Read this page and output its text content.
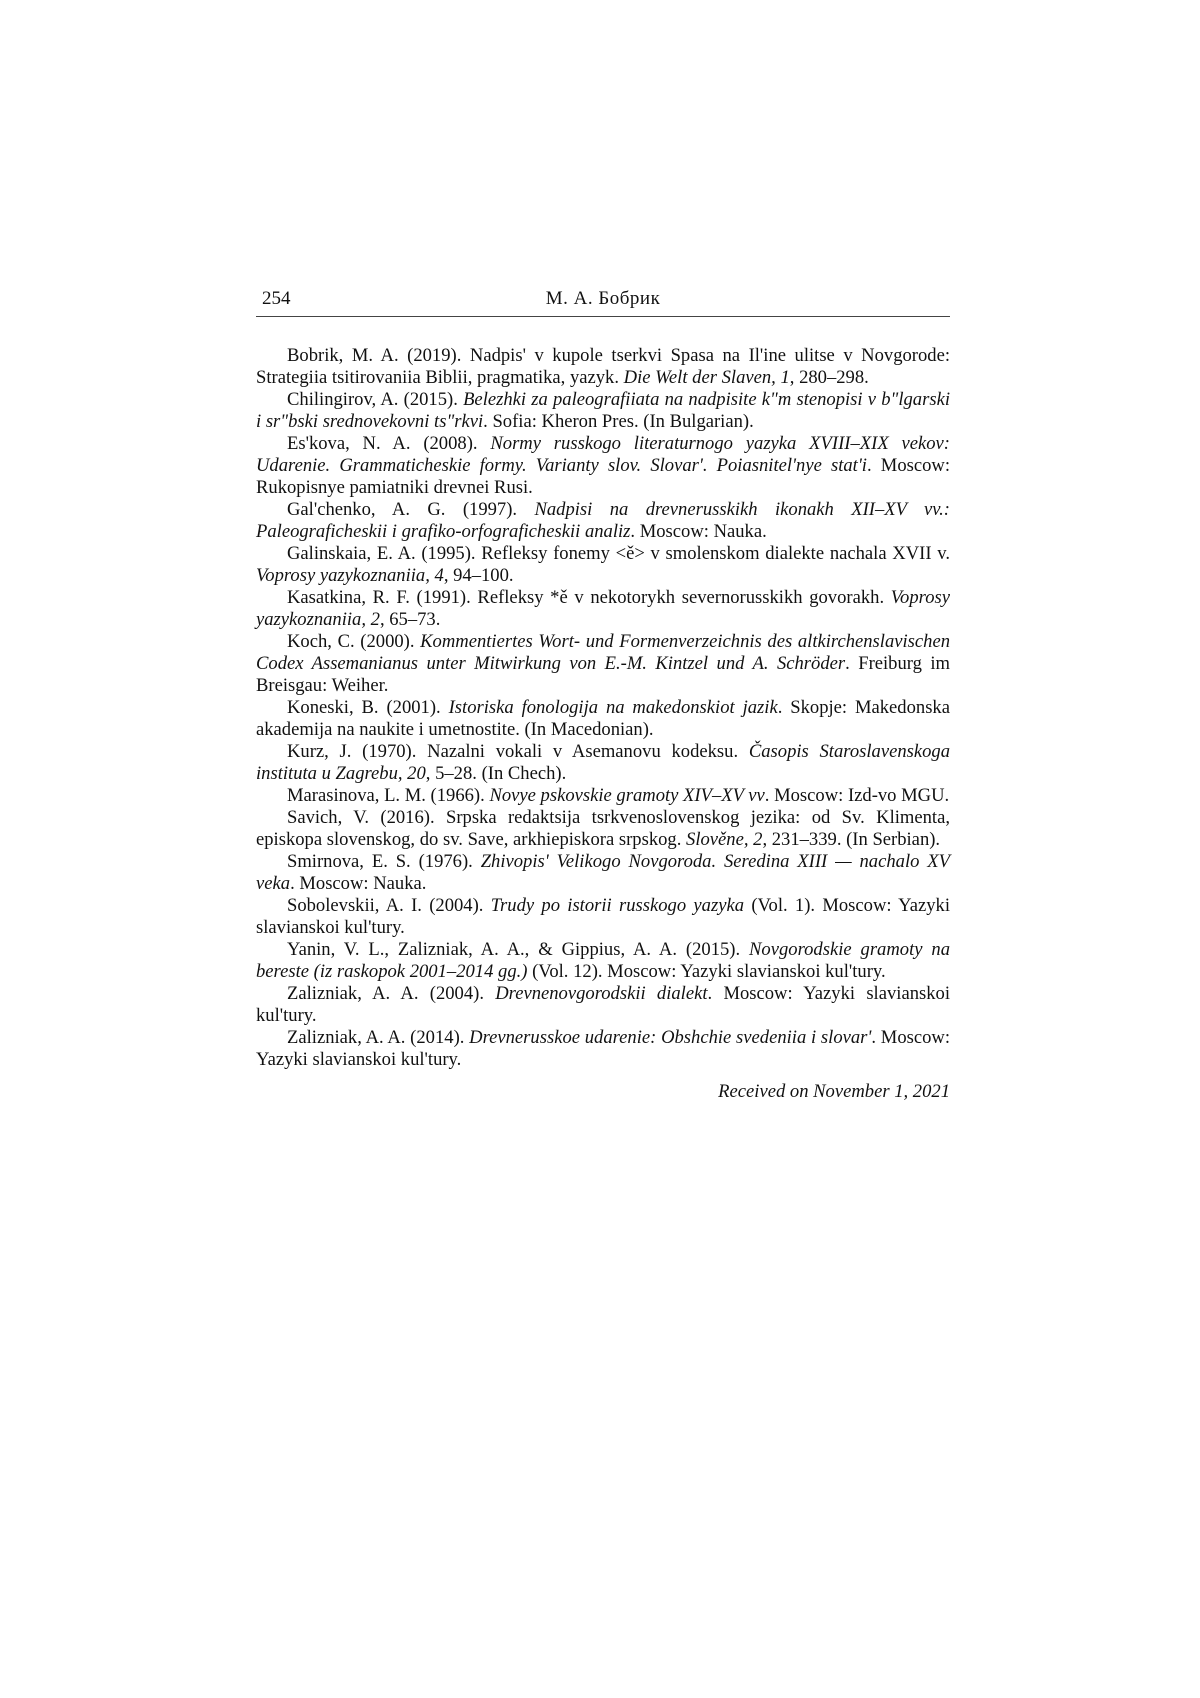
254	М. А. Бобрик

Bobrik, M. A. (2019). Nadpis' v kupole tserkvi Spasa na Il'ine ulitse v Novgorode: Strategiia tsitirovaniia Biblii, pragmatika, yazyk. Die Welt der Slaven, 1, 280–298.

Chilingirov, A. (2015). Belezhki za paleografiiata na nadpisite k"m stenopisi v b"lgarski i sr"bski srednovekovni ts"rkvi. Sofia: Kheron Pres. (In Bulgarian).

Es'kova, N. A. (2008). Normy russkogo literaturnogo yazyka XVIII–XIX vekov: Udarenie. Grammaticheskie formy. Varianty slov. Slovar'. Poiasnitel'nye stat'i. Moscow: Rukopisnye pamiatniki drevnei Rusi.

Gal'chenko, A. G. (1997). Nadpisi na drevnerusskikh ikonakh XII–XV vv.: Paleograficheskii i grafiko-orfograficheskii analiz. Moscow: Nauka.

Galinskaia, E. A. (1995). Refleksy fonemy <ě> v smolenskom dialekte nachala XVII v. Voprosy yazykoznaniia, 4, 94–100.

Kasatkina, R. F. (1991). Refleksy *ě v nekotorykh severnorusskikh govorakh. Voprosy yazykoznaniia, 2, 65–73.

Koch, C. (2000). Kommentiertes Wort- und Formenverzeichnis des altkirchenslavischen Codex Assemanianus unter Mitwirkung von E.-M. Kintzel und A. Schröder. Freiburg im Breisgau: Weiher.

Koneski, B. (2001). Istoriska fonologija na makedonskiot jazik. Skopje: Makedonska akademija na naukite i umetnostite. (In Macedonian).

Kurz, J. (1970). Nazalni vokali v Asemanovu kodeksu. Časopis Staroslavenskoga instituta u Zagrebu, 20, 5–28. (In Chech).

Marasinova, L. M. (1966). Novye pskovskie gramoty XIV–XV vv. Moscow: Izd-vo MGU.

Savich, V. (2016). Srpska redaktsija tsrkvenoslovenskog jezika: od Sv. Klimenta, episkopa slovenskog, do sv. Save, arkhiepiskora srpskog. Slověne, 2, 231–339. (In Serbian).

Smirnova, E. S. (1976). Zhivopis' Velikogo Novgoroda. Seredina XIII — nachalo XV veka. Moscow: Nauka.

Sobolevskii, A. I. (2004). Trudy po istorii russkogo yazyka (Vol. 1). Moscow: Yazyki slavianskoi kul'tury.

Yanin, V. L., Zalizniak, A. A., & Gippius, A. A. (2015). Novgorodskie gramoty na bereste (iz raskopok 2001–2014 gg.) (Vol. 12). Moscow: Yazyki slavianskoi kul'tury.

Zalizniak, A. A. (2004). Drevnenovgorodskii dialekt. Moscow: Yazyki slavianskoi kul'tury.

Zalizniak, A. A. (2014). Drevnerusskoe udarenie: Obshchie svedeniia i slovar'. Moscow: Yazyki slavianskoi kul'tury.

Received on November 1, 2021
